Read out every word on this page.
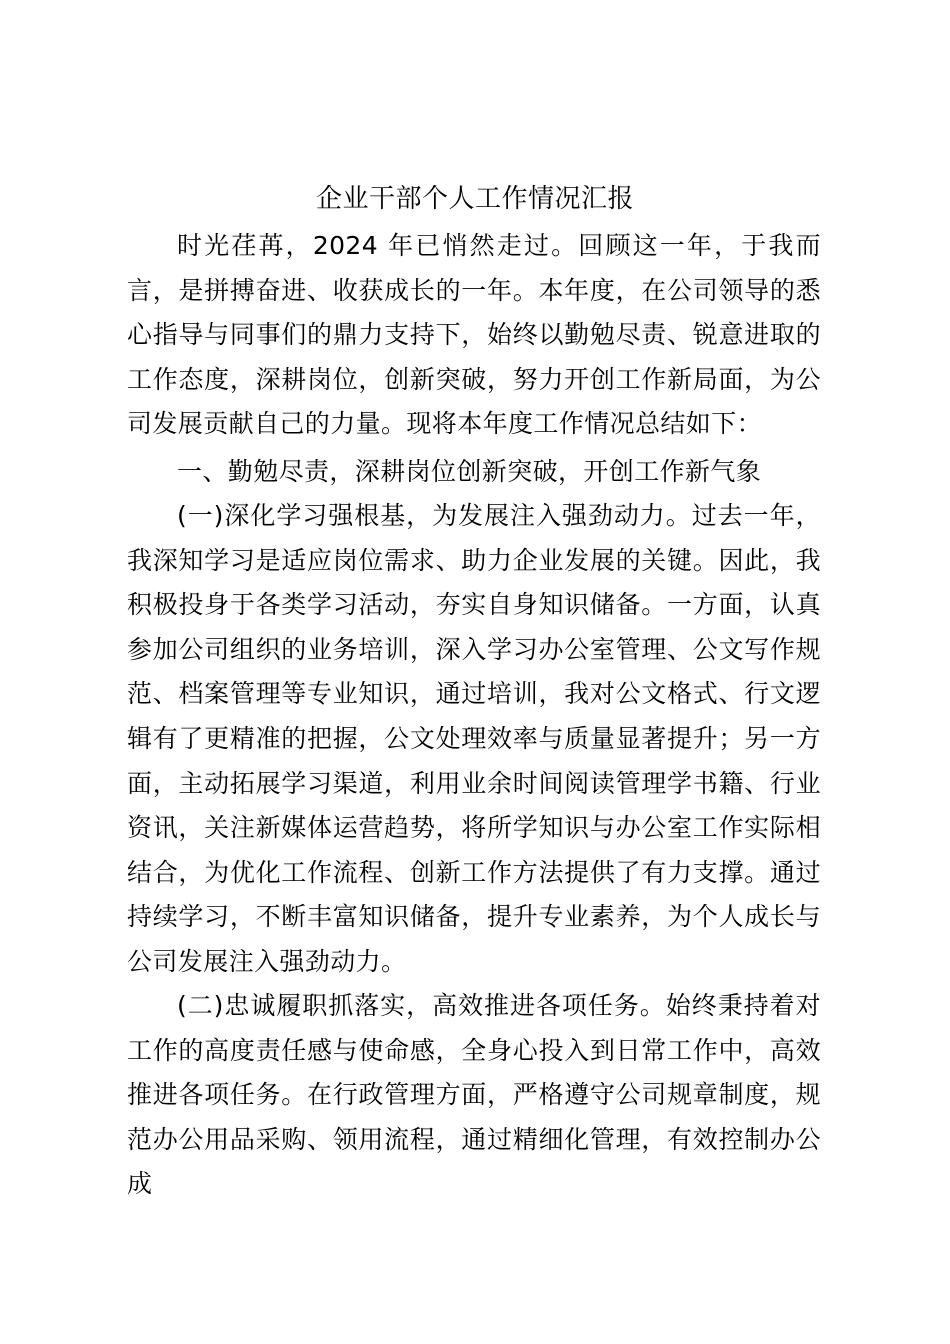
企业干部个人工作情况汇报

时光荏苒，2024 年已悄然走过。回顾这一年，于我而言，是拼搏奋进、收获成长的一年。本年度，在公司领导的悉心指导与同事们的鼎力支持下，始终以勤勉尽责、锐意进取的工作态度，深耕岗位，创新突破，努力开创工作新局面，为公司发展贡献自己的力量。现将本年度工作情况总结如下：

一、勤勉尽责，深耕岗位创新突破，开创工作新气象

(一)深化学习强根基，为发展注入强劲动力。过去一年，我深知学习是适应岗位需求、助力企业发展的关键。因此，我积极投身于各类学习活动，夯实自身知识储备。一方面，认真参加公司组织的业务培训，深入学习办公室管理、公文写作规范、档案管理等专业知识，通过培训，我对公文格式、行文逻辑有了更精准的把握，公文处理效率与质量显著提升；另一方面，主动拓展学习渠道，利用业余时间阅读管理学书籍、行业资讯，关注新媒体运营趋势，将所学知识与办公室工作实际相结合，为优化工作流程、创新工作方法提供了有力支撑。通过持续学习，不断丰富知识储备，提升专业素养，为个人成长与公司发展注入强劲动力。

(二)忠诚履职抓落实，高效推进各项任务。始终秉持着对工作的高度责任感与使命感，全身心投入到日常工作中，高效推进各项任务。在行政管理方面，严格遵守公司规章制度，规范办公用品采购、领用流程，通过精细化管理，有效控制办公成
